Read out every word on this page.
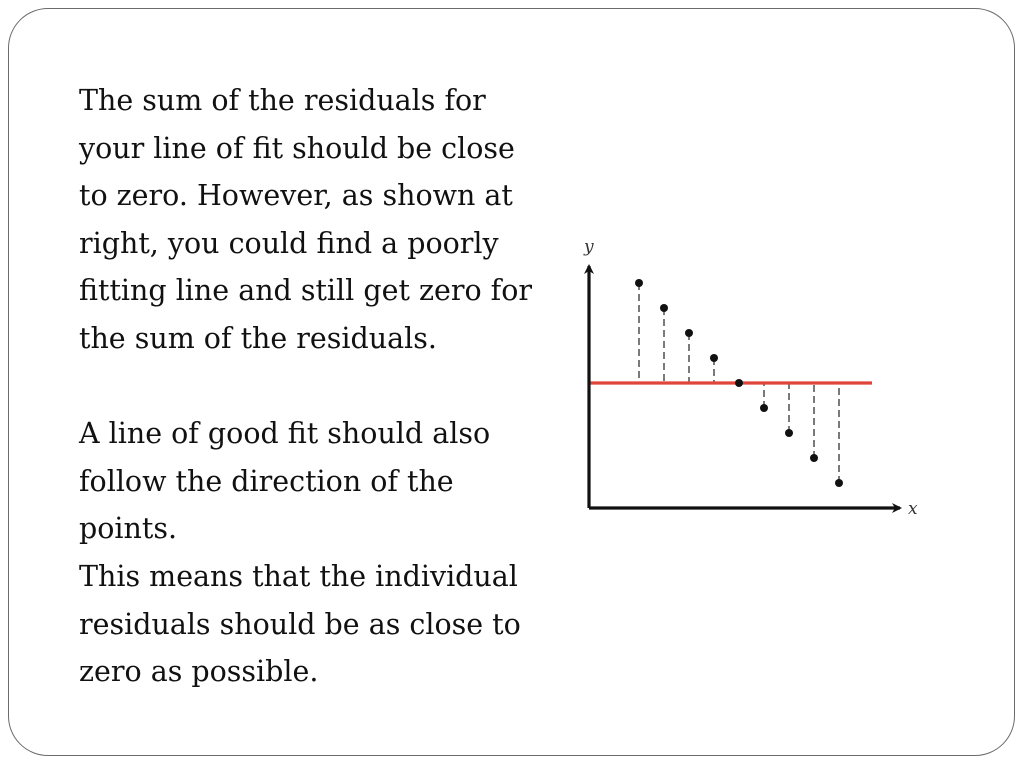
The sum of the residuals for
your line of fit should be close
to zero. However, as shown at
right, you could find a poorly
fitting line and still get zero for
the sum of the residuals.
A line of good fit should also
follow the direction of the
points.
This means that the individual
residuals should be as close to
zero as possible.
y
x
